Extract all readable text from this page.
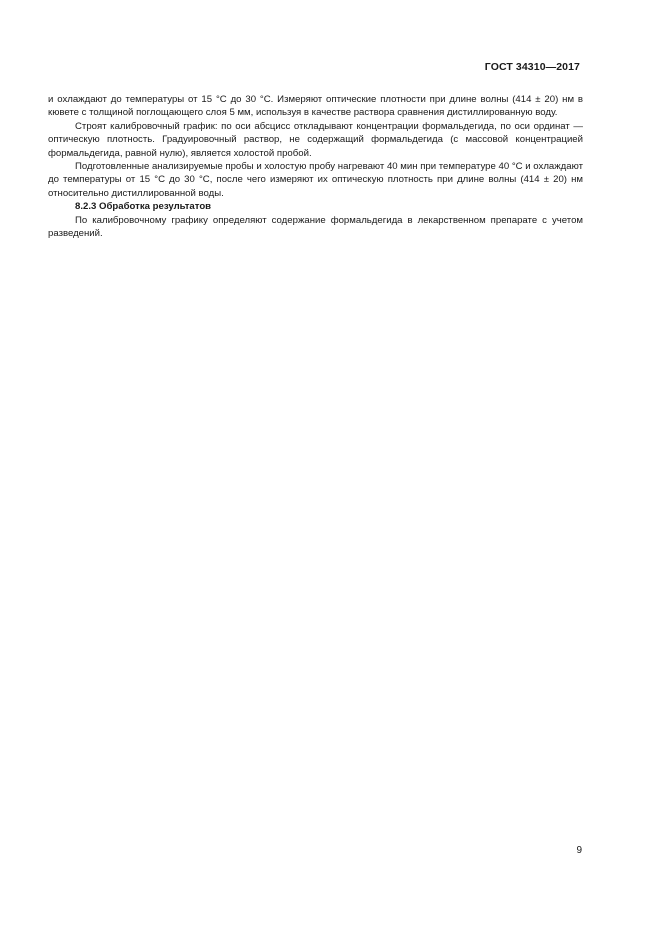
ГОСТ 34310—2017

и охлаждают до температуры от 15 °C до 30 °C. Измеряют оптические плотности при длине волны (414 ± 20) нм в кювете с толщиной поглощающего слоя 5 мм, используя в качестве раствора сравнения дистиллированную воду.

Строят калибровочный график: по оси абсцисс откладывают концентрации формальдегида, по оси ординат — оптическую плотность. Градуировочный раствор, не содержащий формальдегида (с массовой концентрацией формальдегида, равной нулю), является холостой пробой.

Подготовленные анализируемые пробы и холостую пробу нагревают 40 мин при температуре 40 °C и охлаждают до температуры от 15 °C до 30 °C, после чего измеряют их оптическую плотность при длине волны (414 ± 20) нм относительно дистиллированной воды.

8.2.3 Обработка результатов

По калибровочному графику определяют содержание формальдегида в лекарственном препарате с учетом разведений.

9
